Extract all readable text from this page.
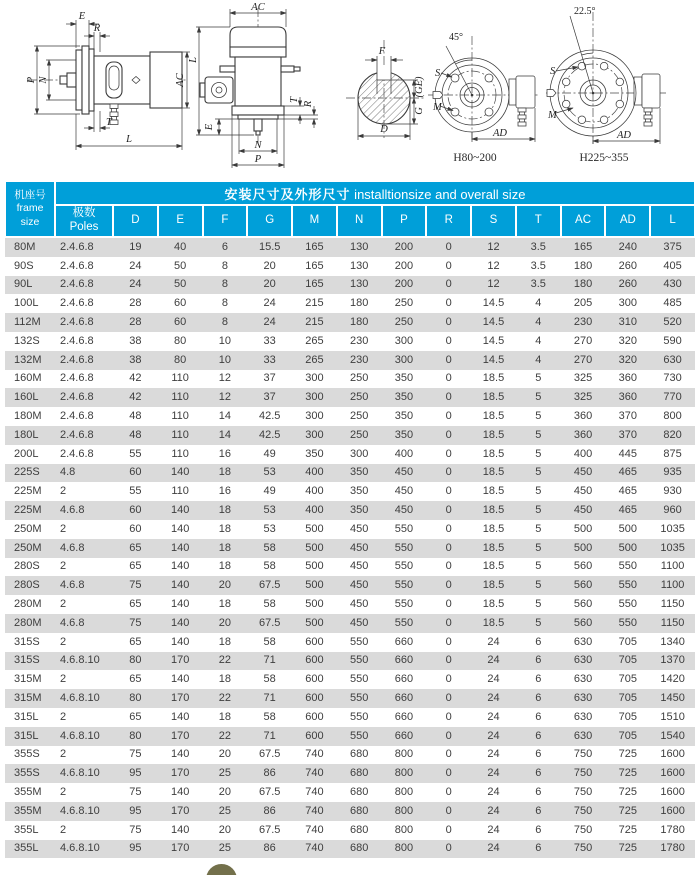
E
R
P N	AC
T
L
AC
L
E
T
R
N
P
F
(GE)
G
D
45°
S
M
AD
22.5°
S
M
AD
H80~200	H225~355
机座号
frame size	安装尺寸及外形尺寸 installtionsize and overall size													
	极数
Poles	D	E	F	G	M	N	P	R	S	T	AC	AD	L
80M	2.4.6.8	19	40	6	15.5	165	130	200	0	12	3.5	165	240	375
90S	2.4.6.8	24	50	8	20	165	130	200	0	12	3.5	180	260	405
90L	2.4.6.8	24	50	8	20	165	130	200	0	12	3.5	180	260	430
100L	2.4.6.8	28	60	8	24	215	180	250	0	14.5	4	205	300	485
112M	2.4.6.8	28	60	8	24	215	180	250	0	14.5	4	230	310	520
132S	2.4.6.8	38	80	10	33	265	230	300	0	14.5	4	270	320	590
132M	2.4.6.8	38	80	10	33	265	230	300	0	14.5	4	270	320	630
160M	2.4.6.8	42	110	12	37	300	250	350	0	18.5	5	325	360	730
160L	2.4.6.8	42	110	12	37	300	250	350	0	18.5	5	325	360	770
180M	2.4.6.8	48	110	14	42.5	300	250	350	0	18.5	5	360	370	800
180L	2.4.6.8	48	110	14	42.5	300	250	350	0	18.5	5	360	370	820
200L	2.4.6.8	55	110	16	49	350	300	400	0	18.5	5	400	445	875
225S	4.8	60	140	18	53	400	350	450	0	18.5	5	450	465	935
225M	2	55	110	16	49	400	350	450	0	18.5	5	450	465	930
225M	4.6.8	60	140	18	53	400	350	450	0	18.5	5	450	465	960
250M	2	60	140	18	53	500	450	550	0	18.5	5	500	500	1035
250M	4.6.8	65	140	18	58	500	450	550	0	18.5	5	500	500	1035
280S	2	65	140	18	58	500	450	550	0	18.5	5	560	550	1100
280S	4.6.8	75	140	20	67.5	500	450	550	0	18.5	5	560	550	1100
280M	2	65	140	18	58	500	450	550	0	18.5	5	560	550	1150
280M	4.6.8	75	140	20	67.5	500	450	550	0	18.5	5	560	550	1150
315S	2	65	140	18	58	600	550	660	0	24	6	630	705	1340
315S	4.6.8.10	80	170	22	71	600	550	660	0	24	6	630	705	1370
315M	2	65	140	18	58	600	550	660	0	24	6	630	705	1420
315M	4.6.8.10	80	170	22	71	600	550	660	0	24	6	630	705	1450
315L	2	65	140	18	58	600	550	660	0	24	6	630	705	1510
315L	4.6.8.10	80	170	22	71	600	550	660	0	24	6	630	705	1540
355S	2	75	140	20	67.5	740	680	800	0	24	6	750	725	1600
355S	4.6.8.10	95	170	25	86	740	680	800	0	24	6	750	725	1600
355M	2	75	140	20	67.5	740	680	800	0	24	6	750	725	1600
355M	4.6.8.10	95	170	25	86	740	680	800	0	24	6	750	725	1600
355L	2	75	140	20	67.5	740	680	800	0	24	6	750	725	1780
355L	4.6.8.10	95	170	25	86	740	680	800	0	24	6	750	725	1780
